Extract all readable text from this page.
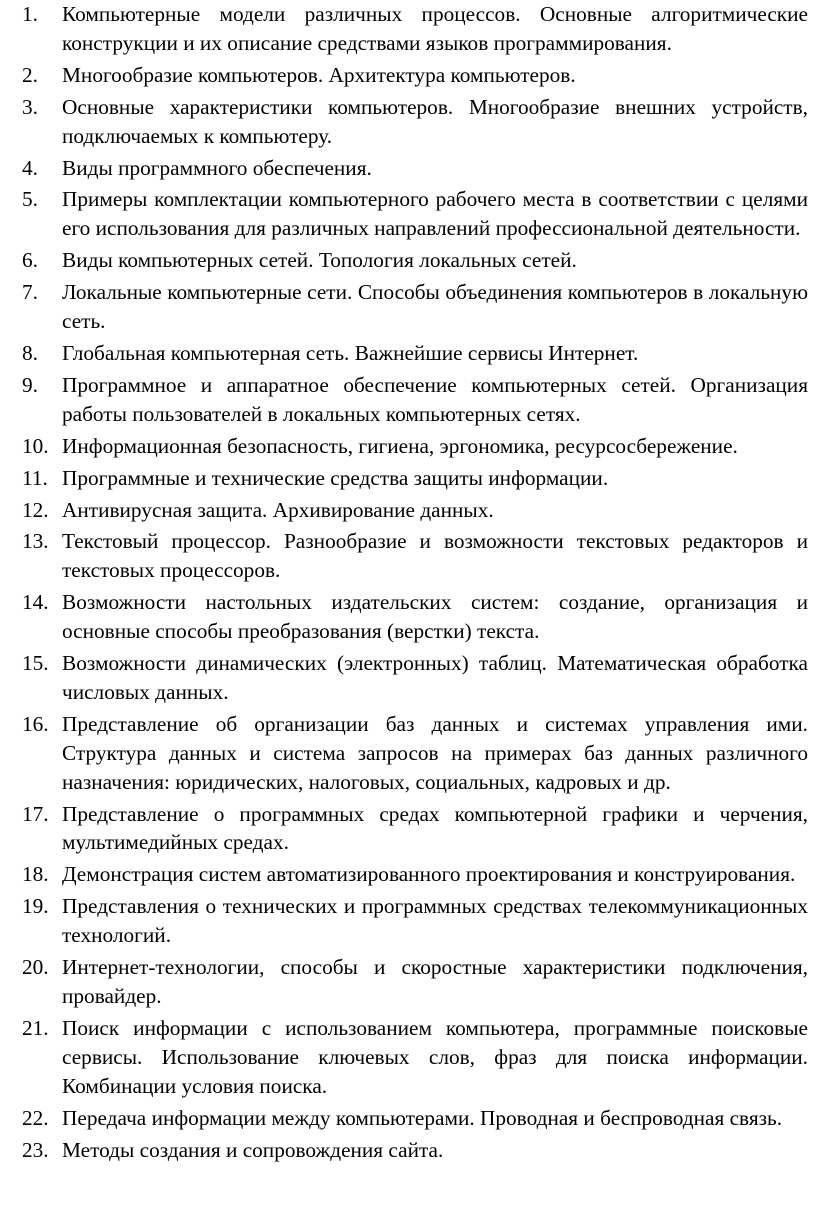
1.	Компьютерные модели различных процессов. Основные алгоритмические конструкции и их описание средствами языков программирования.
2.	Многообразие компьютеров. Архитектура компьютеров.
3.	Основные характеристики компьютеров. Многообразие внешних устройств, подключаемых к компьютеру.
4.	Виды программного обеспечения.
5.	Примеры комплектации компьютерного рабочего места в соответствии с целями его использования для различных направлений профессиональной деятельности.
6.	Виды компьютерных сетей. Топология локальных сетей.
7.	Локальные компьютерные сети. Способы объединения компьютеров в локальную сеть.
8.	Глобальная компьютерная сеть. Важнейшие сервисы Интернет.
9.	Программное и аппаратное обеспечение компьютерных сетей. Организация работы пользователей в локальных компьютерных сетях.
10. Информационная безопасность, гигиена, эргономика, ресурсосбережение.
11. Программные и технические средства защиты информации.
12. Антивирусная защита. Архивирование данных.
13. Текстовый процессор. Разнообразие и возможности текстовых редакторов и текстовых процессоров.
14. Возможности настольных издательских систем: создание, организация и основные способы преобразования (верстки) текста.
15. Возможности динамических (электронных) таблиц. Математическая обработка числовых данных.
16. Представление об организации баз данных и системах управления ими. Структура данных и система запросов на примерах баз данных различного назначения: юридических, налоговых, социальных, кадровых и др.
17. Представление о программных средах компьютерной графики и черчения, мультимедийных средах.
18. Демонстрация систем автоматизированного проектирования и конструирования.
19. Представления о технических и программных средствах телекоммуникационных технологий.
20. Интернет-технологии, способы и скоростные характеристики подключения, провайдер.
21. Поиск информации с использованием компьютера, программные поисковые сервисы. Использование ключевых слов, фраз для поиска информации. Комбинации условия поиска.
22. Передача информации между компьютерами. Проводная и беспроводная связь.
23. Методы создания и сопровождения сайта.
